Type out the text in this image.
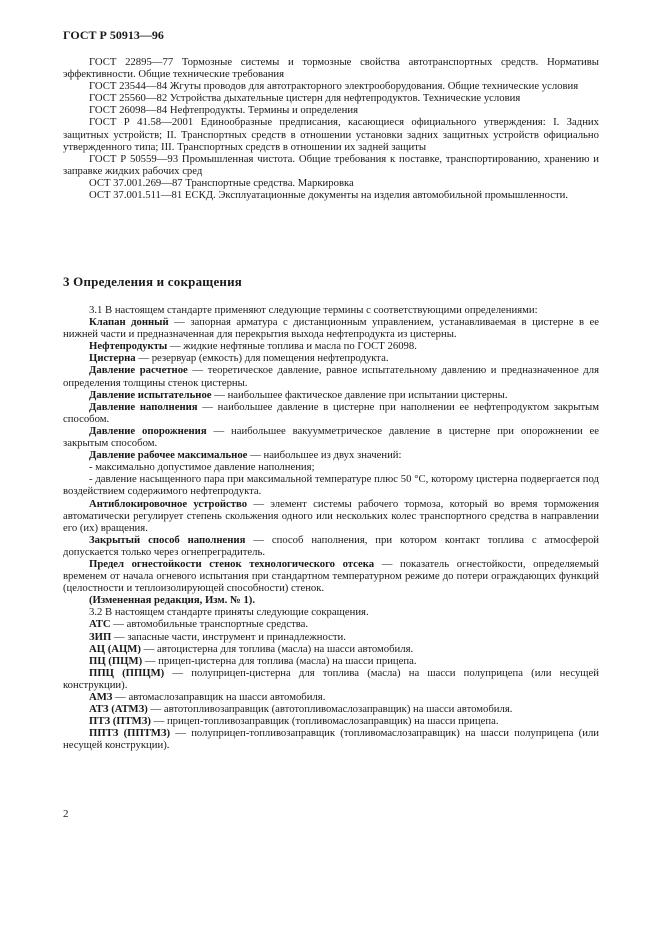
ГОСТ Р 50913—96

ГОСТ 22895—77 Тормозные системы и тормозные свойства автотранспортных средств. Нормативы эффективности. Общие технические требования

ГОСТ 23544—84 Жгуты проводов для автотракторного электрооборудования. Общие технические условия

ГОСТ 25560—82 Устройства дыхательные цистерн для нефтепродуктов. Технические условия

ГОСТ 26098—84 Нефтепродукты. Термины и определения

ГОСТ Р 41.58—2001 Единообразные предписания, касающиеся официального утверждения: I. Задних защитных устройств; II. Транспортных средств в отношении установки задних защитных устройств официально утвержденного типа; III. Транспортных средств в отношении их задней защиты

ГОСТ Р 50559—93 Промышленная чистота. Общие требования к поставке, транспортированию, хранению и заправке жидких рабочих сред

ОСТ 37.001.269—87 Транспортные средства. Маркировка

ОСТ 37.001.511—81 ЕСКД. Эксплуатационные документы на изделия автомобильной промышленности.

3 Определения и сокращения

3.1 В настоящем стандарте применяют следующие термины с соответствующими определениями:

Клапан донный — запорная арматура с дистанционным управлением, устанавливаемая в цистерне в ее нижней части и предназначенная для перекрытия выхода нефтепродукта из цистерны.

Нефтепродукты — жидкие нефтяные топлива и масла по ГОСТ 26098.

Цистерна — резервуар (емкость) для помещения нефтепродукта.

Давление расчетное — теоретическое давление, равное испытательному давлению и предназначенное для определения толщины стенок цистерны.

Давление испытательное — наибольшее фактическое давление при испытании цистерны.

Давление наполнения — наибольшее давление в цистерне при наполнении ее нефтепродуктом закрытым способом.

Давление опорожнения — наибольшее вакуумметрическое давление в цистерне при опорожнении ее закрытым способом.

Давление рабочее максимальное — наибольшее из двух значений:

- максимально допустимое давление наполнения;

- давление насыщенного пара при максимальной температуре плюс 50 °С, которому цистерна подвергается под воздействием содержимого нефтепродукта.

Антиблокировочное устройство — элемент системы рабочего тормоза, который во время торможения автоматически регулирует степень скольжения одного или нескольких колес транспортного средства в направлении его (их) вращения.

Закрытый способ наполнения — способ наполнения, при котором контакт топлива с атмосферой допускается только через огнепреградитель.

Предел огнестойкости стенок технологического отсека — показатель огнестойкости, определяемый временем от начала огневого испытания при стандартном температурном режиме до потери ограждающих функций (целостности и теплоизолирующей способности) стенок.

(Измененная редакция, Изм. № 1).

3.2 В настоящем стандарте приняты следующие сокращения.

АТС — автомобильные транспортные средства.

ЗИП — запасные части, инструмент и принадлежности.

АЦ (АЦМ) — автоцистерна для топлива (масла) на шасси автомобиля.

ПЦ (ПЦМ) — прицеп-цистерна для топлива (масла) на шасси прицепа.

ППЦ (ППЦМ) — полуприцеп-цистерна для топлива (масла) на шасси полуприцепа (или несущей конструкции).

АМЗ — автомаслозаправщик на шасси автомобиля.

АТЗ (АТМЗ) — автотопливозаправщик (автотопливомаслозаправщик) на шасси автомобиля.

ПТЗ (ПТМЗ) — прицеп-топливозаправщик (топливомаслозаправщик) на шасси прицепа.

ППТЗ (ППТМЗ) — полуприцеп-топливозаправщик (топливомаслозаправщик) на шасси полуприцепа (или несущей конструкции).

2
